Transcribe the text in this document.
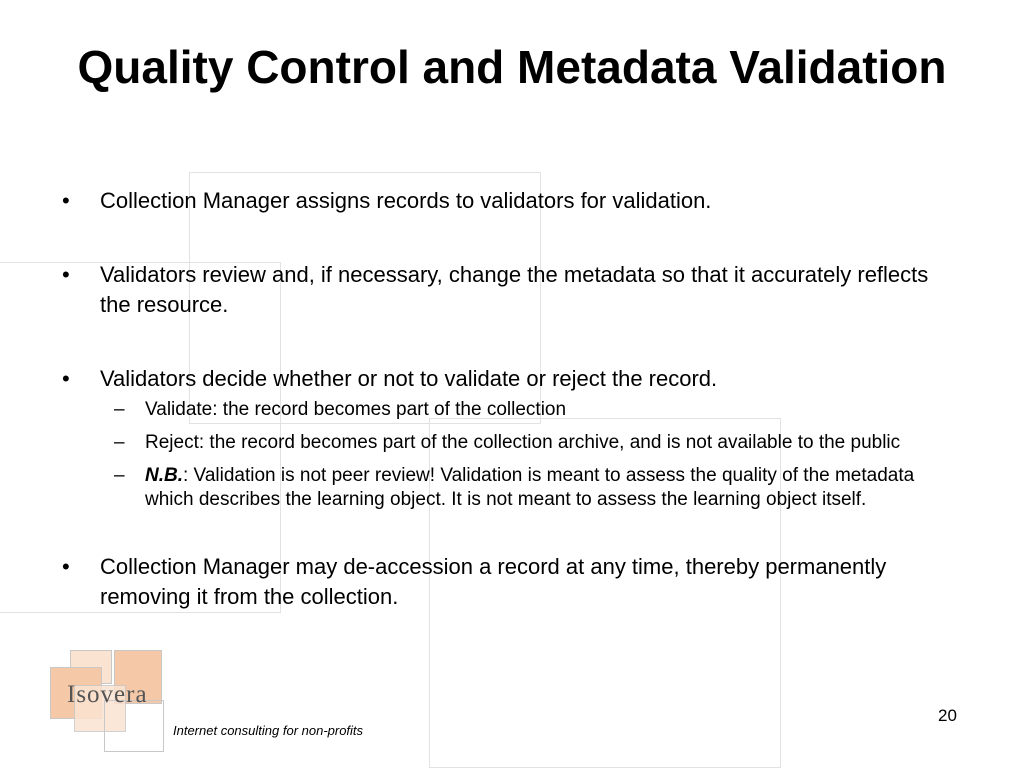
Quality Control and Metadata Validation
• Collection Manager assigns records to validators for validation.
• Validators review and, if necessary, change the metadata so that it accurately reflects the resource.
• Validators decide whether or not to validate or reject the record.
– Validate: the record becomes part of the collection
– Reject: the record becomes part of the collection archive, and is not available to the public
– N.B.: Validation is not peer review! Validation is meant to assess the quality of the metadata which describes the learning object. It is not meant to assess the learning object itself.
• Collection Manager may de-accession a record at any time, thereby permanently removing it from the collection.
Isovera
Internet consulting for non-profits
20
